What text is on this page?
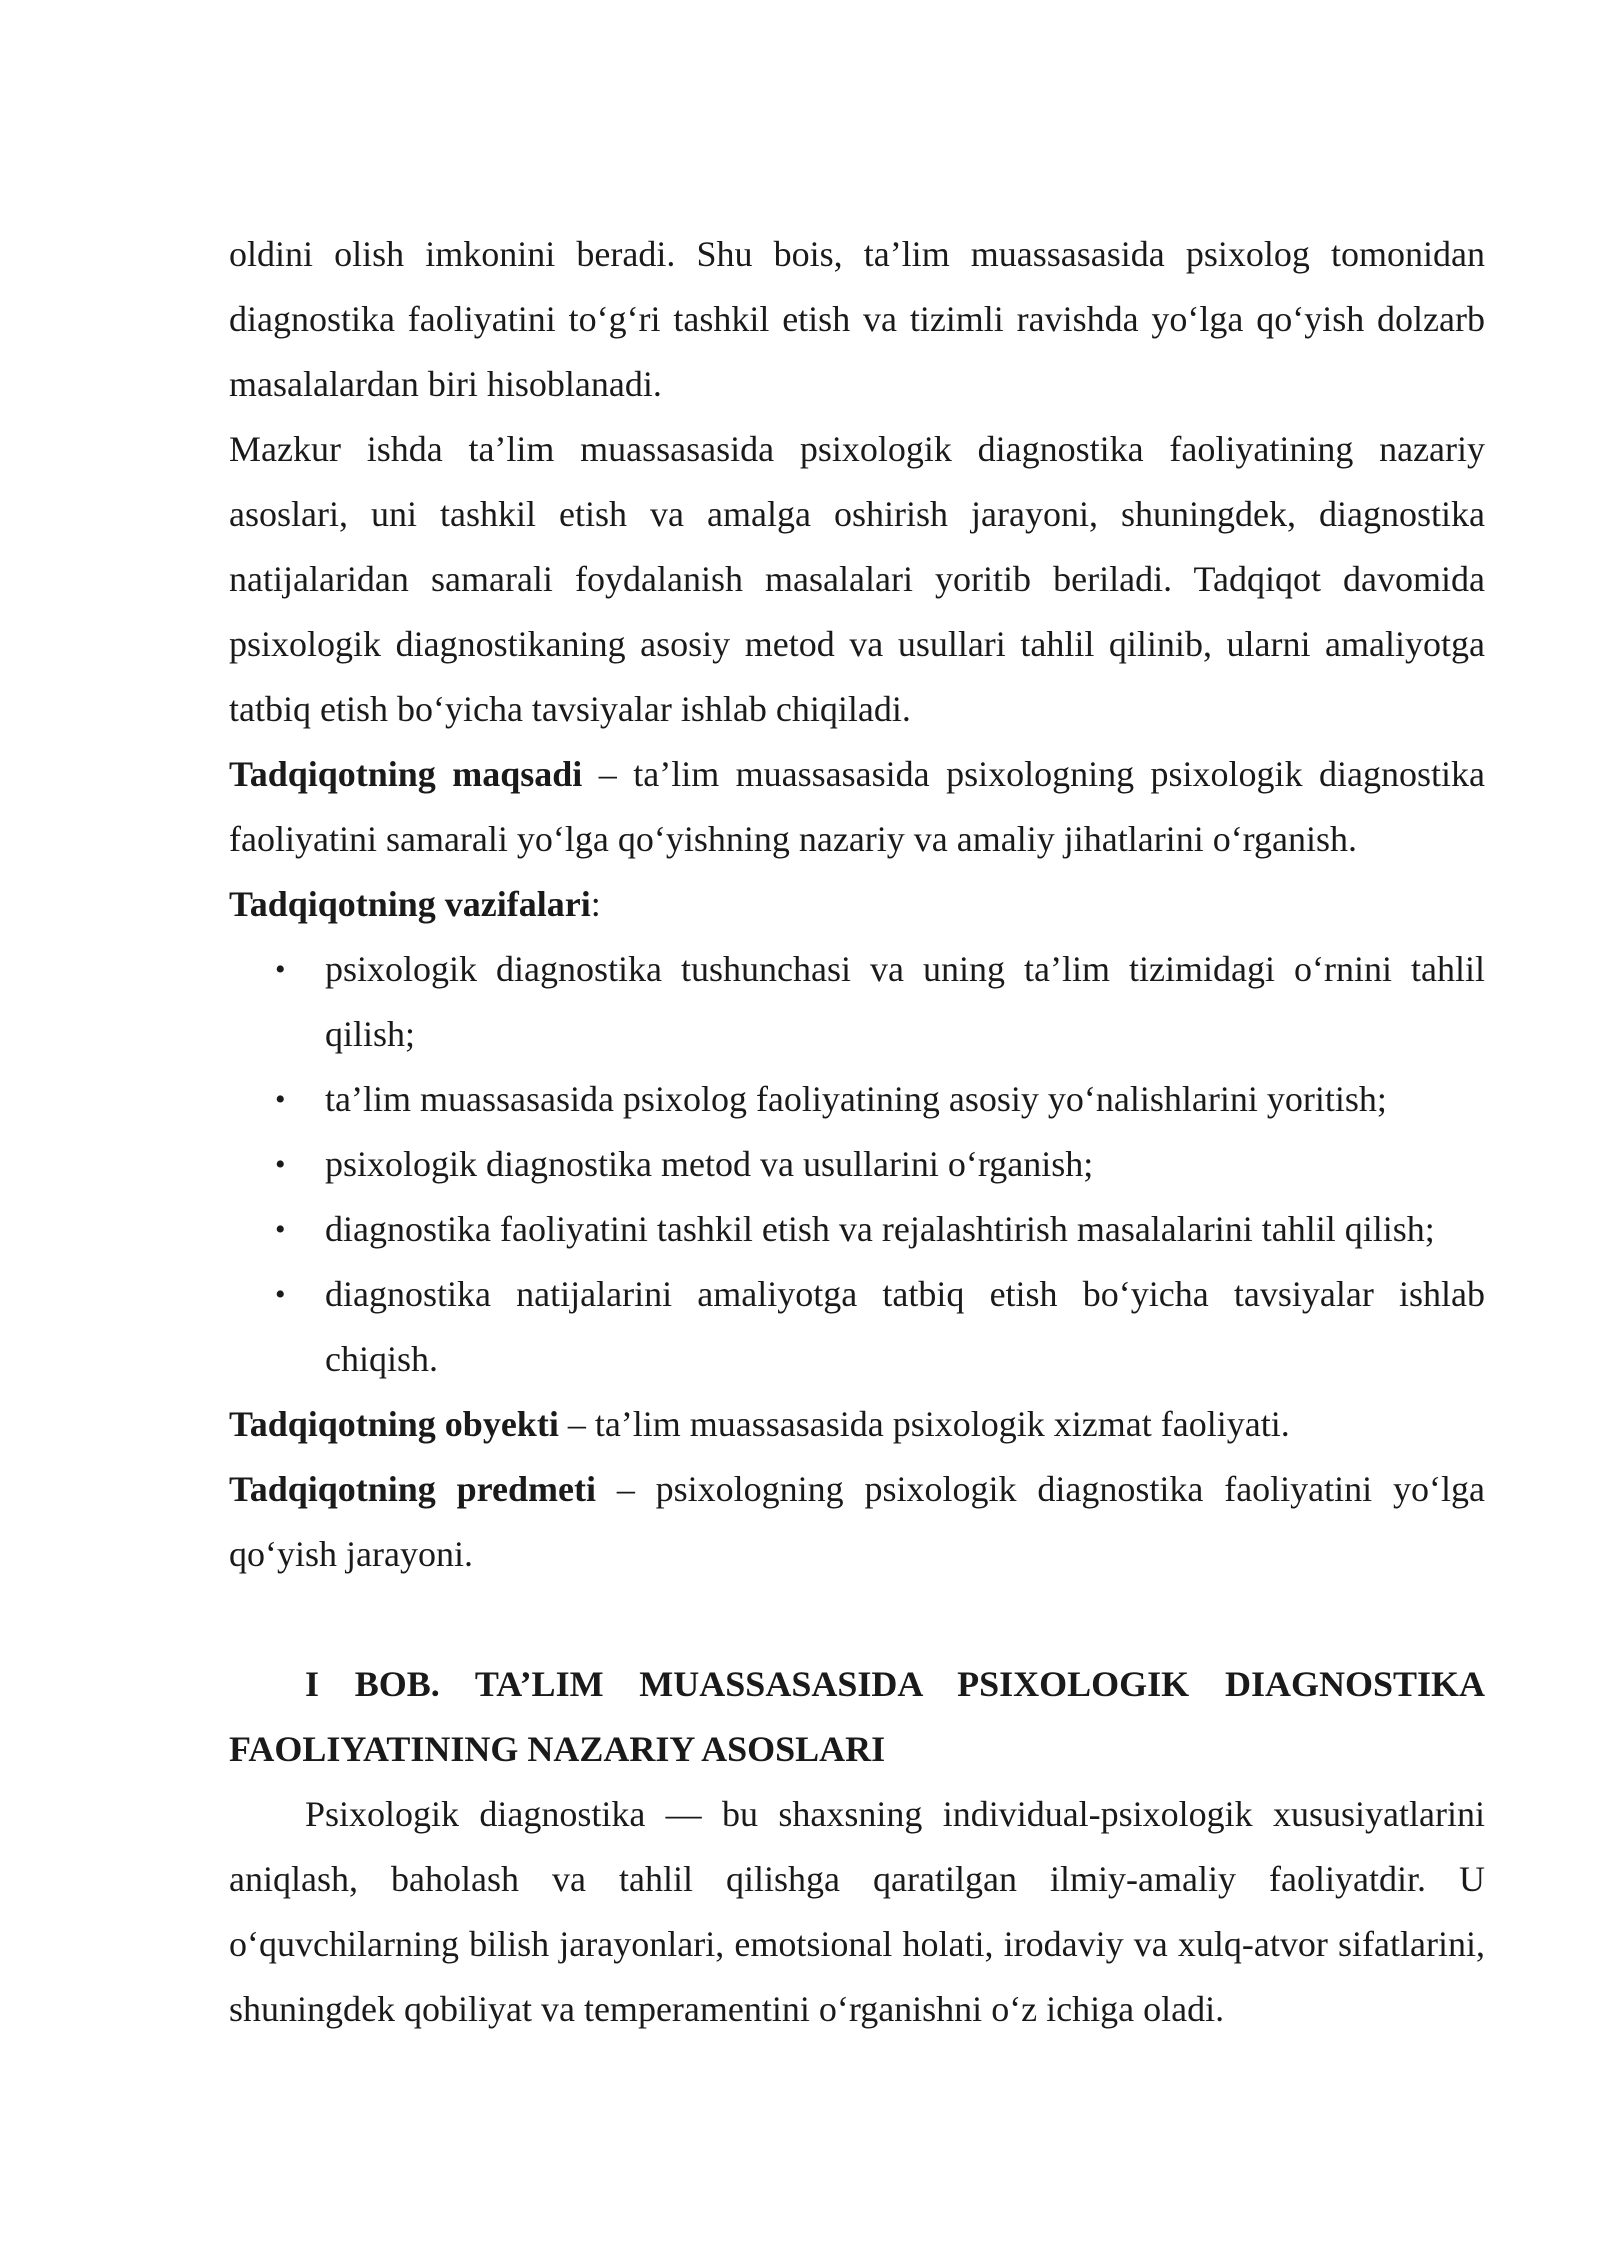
oldini olish imkonini beradi. Shu bois, ta’lim muassasasida psixolog tomonidan diagnostika faoliyatini to‘g‘ri tashkil etish va tizimli ravishda yo‘lga qo‘yish dolzarb masalalardan biri hisoblanadi.

Mazkur ishda ta’lim muassasasida psixologik diagnostika faoliyatining nazariy asoslari, uni tashkil etish va amalga oshirish jarayoni, shuningdek, diagnostika natijalaridan samarali foydalanish masalalari yoritib beriladi. Tadqiqot davomida psixologik diagnostikaning asosiy metod va usullari tahlil qilinib, ularni amaliyotga tatbiq etish bo‘yicha tavsiyalar ishlab chiqiladi.

Tadqiqotning maqsadi – ta’lim muassasasida psixologning psixologik diagnostika faoliyatini samarali yo‘lga qo‘yishning nazariy va amaliy jihatlarini o‘rganish.

Tadqiqotning vazifalari:

• psixologik diagnostika tushunchasi va uning ta’lim tizimidagi o‘rnini tahlil qilish;
• ta’lim muassasasida psixolog faoliyatining asosiy yo‘nalishlarini yoritish;
• psixologik diagnostika metod va usullarini o‘rganish;
• diagnostika faoliyatini tashkil etish va rejalashtirish masalalarini tahlil qilish;
• diagnostika natijalarini amaliyotga tatbiq etish bo‘yicha tavsiyalar ishlab chiqish.

Tadqiqotning obyekti – ta’lim muassasasida psixologik xizmat faoliyati.

Tadqiqotning predmeti – psixologning psixologik diagnostika faoliyatini yo‘lga qo‘yish jarayoni.

I BOB. TA’LIM MUASSASASIDA PSIXOLOGIK DIAGNOSTIKA FAOLIYATINING NAZARIY ASOSLARI

Psixologik diagnostika — bu shaxsning individual-psixologik xususiyatlarini aniqlash, baholash va tahlil qilishga qaratilgan ilmiy-amaliy faoliyatdir. U o‘quvchilarning bilish jarayonlari, emotsional holati, irodaviy va xulq-atvor sifatlarini, shuningdek qobiliyat va temperamentini o‘rganishni o‘z ichiga oladi.
